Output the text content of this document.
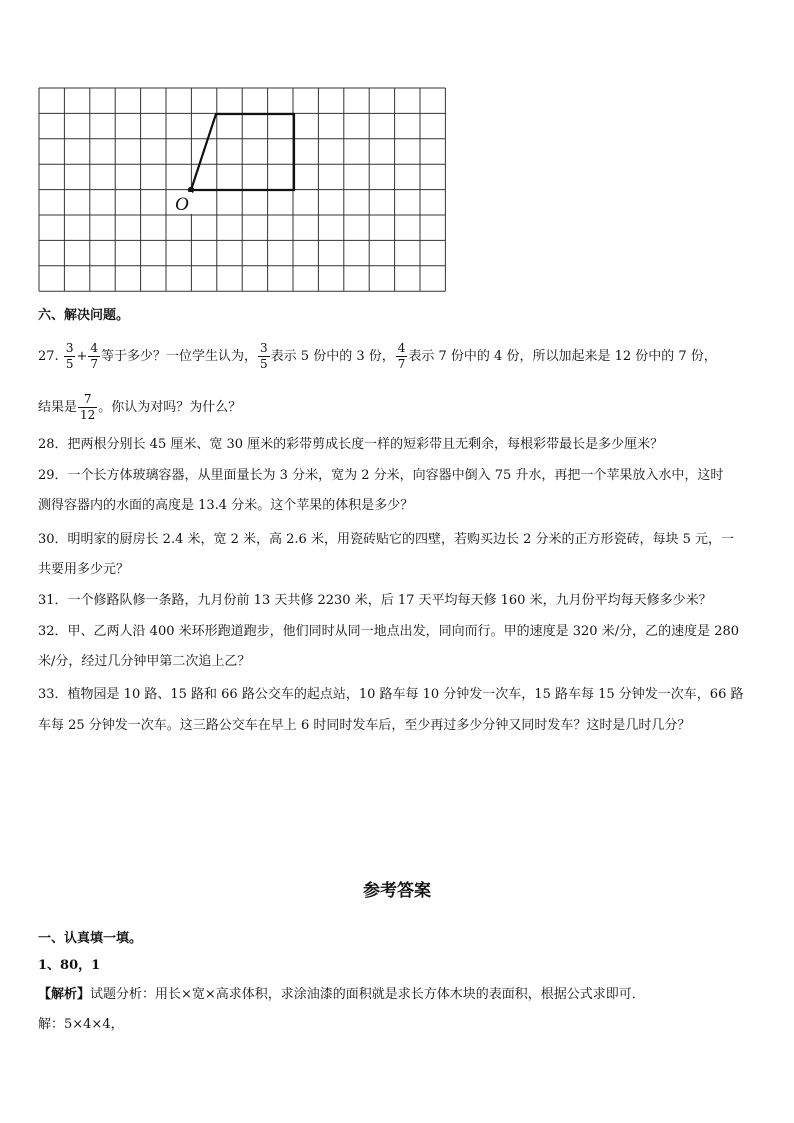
O
六、解决问题。
27. $\frac{3}{5} + \frac{4}{7}$ 等于多少？一位学生认为， $\frac{3}{5}$ 表示 5 份中的 3 份， $\frac{4}{7}$ 表示 7 份中的 4 份，所以加起来是 12 份中的 7 份，
结果是 $\frac{7}{12}$ 。你认为对吗？为什么？
28．把两根分别长 45 厘米、宽 30 厘米的彩带剪成长度一样的短彩带且无剩余，每根彩带最长是多少厘米？
29．一个长方体玻璃容器，从里面量长为 3 分米，宽为 2 分米，向容器中倒入 75 升水，再把一个苹果放入水中，这时
测得容器内的水面的高度是 13.4 分米。这个苹果的体积是多少？
30．明明家的厨房长 2.4 米，宽 2 米，高 2.6 米，用瓷砖贴它的四壁，若购买边长 2 分米的正方形瓷砖，每块 5 元，一
共要用多少元？
31．一个修路队修一条路，九月份前 13 天共修 2230 米，后 17 天平均每天修 160 米，九月份平均每天修多少米？
32．甲、乙两人沿 400 米环形跑道跑步，他们同时从同一地点出发，同向而行。甲的速度是 320 米/分，乙的速度是 280
米/分，经过几分钟甲第二次追上乙？
33．植物园是 10 路、15 路和 66 路公交车的起点站，10 路车每 10 分钟发一次车，15 路车每 15 分钟发一次车，66 路
车每 25 分钟发一次车。这三路公交车在早上 6 时同时发车后，至少再过多少分钟又同时发车？这时是几时几分？
参考答案
一、认真填一填。
1、80，1
【解析】试题分析：用长×宽×高求体积，求涂油漆的面积就是求长方体木块的表面积，根据公式求即可．
解：5×4×4，
